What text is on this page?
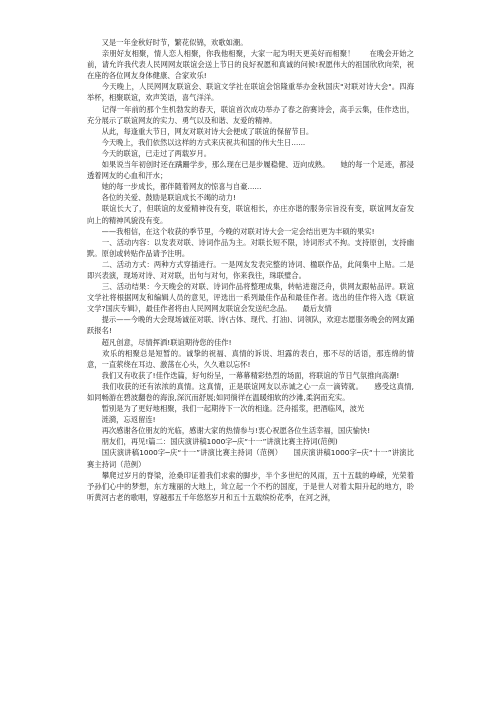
　　又是一年金秋好时节，繁花似锦，欢歌如潮。

　　亲朋好友相聚，情人恋人相聚，你我他相聚，大家一起为明天更美好而相聚！　　在晚会开始之前，请允许我代表人民网网友联谊会送上节日的良好祝愿和真诚的问候!祝愿伟大的祖国欣欣向荣，祝在座的各位网友身体健康、合家欢乐!

　　今天晚上，人民网网友联谊会、联谊文学社在联谊会馆隆重举办金秋国庆"对联对诗大会"。四海举杯，相聚联谊，欢声笑语，喜气洋洋。

　　记得一年前的那个生机勃发的春天，联谊首次成功举办了春之韵赛诗会，高手云集，佳作迭出，充分展示了联谊网友的实力、勇气以及和谐、友爱的精神。

　　从此，每逢重大节日，网友对联对诗大会便成了联谊的保留节目。

　　今天晚上，我们依然以这样的方式来庆祝共和国的伟大生日......

　　今天的联谊，已走过了两载岁月。

　　如果说当年初创时还在蹒跚学步，那么现在已是步履稳健、迈向成熟。　　她的每一个足迹，都浸透着网友的心血和汗水；

　　她的每一步成长，都伴随着网友的惊喜与自豪......

　　各位的关爱、鼓励是联谊成长不竭的动力!

　　联谊长大了，但联谊的友爱精神没有变，联谊相长，亦庄亦谐的服务宗旨没有变，联谊网友奋发向上的精神风貌没有变。

　　——我相信，在这个收获的季节里，今晚的对联对诗大会一定会结出更为丰硕的果实!

　　一、活动内容：以发表对联、诗词作品为主。对联长短不限，诗词形式不拘。支持原创，支持幽默。原创或转贴作品请予注明。

　　二、活动方式：两种方式穿插进行。一是网友发表完整的诗词、楹联作品，此间集中上贴。二是即兴表演，现场对诗、对对联，出句与对句，你来我往，珠联璧合。

　　三、活动结果：今天晚会的对联、诗词作品将整理成集，转帖进谢泛舟，供网友跟帖品评。联谊文学社将根据网友和编辑人员的意见，评选出一系列最佳作品和最佳作者。选出的佳作将入选《联谊文学?国庆专辑》，最佳作者将由人民网网友联谊会发送纪念品。　　最后友情

　　提示——今晚的大会现场诚征对联、诗(古体、现代、打油)、词领队，欢迎志愿服务晚会的网友踊跃报名!

　　超凡创意，尽情挥洒!联谊期待您的佳作!

　　欢乐的相聚总是短暂的。诚挚的祝福、真情的诉说、坦露的表白，那不尽的话语，那连绵的情意，一直萦绕在耳边、激荡在心头，久久难以忘怀!

　　我们又有收获了!佳作迭篇，好句纷呈，一幕幕精彩热烈的场面，将联谊的节日气氛推向高潮!

　　我们收获的还有浓浓的真情。这真情，正是联谊网友以赤诚之心一点一滴铸就。　　感受这真情,如同畅游在碧波翻卷的海浪,深沉而舒展;如同徜徉在温暖细软的沙滩,柔润而充实。

　　暂别是为了更好地相聚，我们一起期待下一次的相逢。泛舟摇浆，把酒临风，波光

　　涟漪，忘返留连!

　　再次感谢各位朋友的光临，感谢大家的热情参与!衷心祝愿各位生活幸福，国庆愉快!

　　朋友们，再见!篇二：国庆演讲稿1000字─庆“十一”讲演比赛主持词(范例)

　　国庆演讲稿1000字─庆“十一”讲演比赛主持词（范例）　　国庆演讲稿1000字─庆“十一”讲演比赛主持词（范例）

　　攀爬过岁月的脊梁，沧桑印证着我们求索的脚步，半个多世纪的风雨，五十五载的峥嵘，光荣着予孙们心中的梦想，东方瑰丽的大地上，耸立起一个不朽的国度，于是世人对着太阳升起的地方，聆听黄河古老的歌唱，穿越那五千年悠悠岁月和五十五载缤纷花季，在河之洲，
